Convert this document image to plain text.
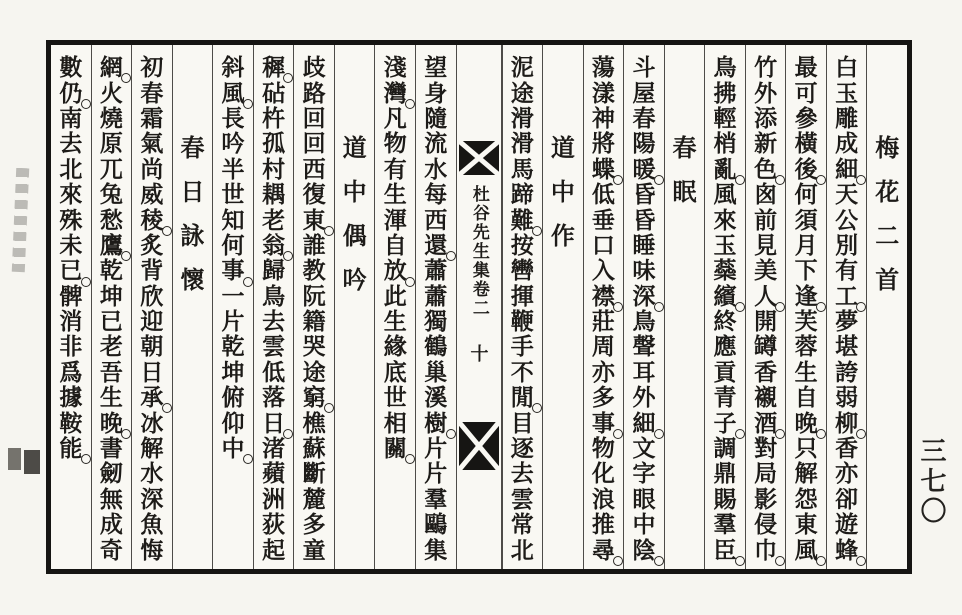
梅
花
二
首
白
玉
雕
成
細
天
公
別
有
工
夢
堪
誇
弱
柳
香
亦
卻
遊
蜂
最
可
參
橫
後
何
須
月
下
逢
芙
蓉
生
自
晚
只
解
怨
東
風
竹
外
添
新
色
囪
前
見
美
人
開
罇
香
襯
酒
對
局
影
侵
巾
鳥
拂
輕
梢
亂
風
來
玉
蘂
繽
終
應
貢
青
子
調
鼎
賜
羣
臣
春
眠
斗
屋
春
陽
暖
昏
昏
睡
味
深
鳥
聲
耳
外
細
文
字
眼
中
陰
蕩
漾
神
將
蝶
低
垂
口
入
襟
莊
周
亦
多
事
物
化
浪
推
尋
道
中
作
泥
途
滑
滑
馬
蹄
難
按
轡
揮
鞭
手
不
閒
目
逐
去
雲
常
北
杜谷先生集卷二
十
望
身
隨
流
水
每
西
還
蕭
蕭
獨
鶴
巢
溪
樹
片
片
羣
鷗
集
淺
灣
凡
物
有
生
渾
自
放
此
生
緣
底
世
相
關
道
中
偶
吟
歧
路
回
回
西
復
東
誰
教
阮
籍
哭
途
窮
樵
蘇
斷
麓
多
童
穉
砧
杵
孤
村
耦
老
翁
歸
鳥
去
雲
低
落
日
渚
蘋
洲
荻
起
斜
風
長
吟
半
世
知
何
事
一
片
乾
坤
俯
仰
中
春
日
詠
懷
初
春
霜
氣
尚
威
稜
炙
背
欣
迎
朝
日
承
冰
解
水
深
魚
悔
網
火
燒
原
兀
兔
愁
鷹
乾
坤
已
老
吾
生
晚
書
劒
無
成
奇
數
仍
南
去
北
來
殊
未
已
髀
消
非
爲
據
鞍
能	三七〇
